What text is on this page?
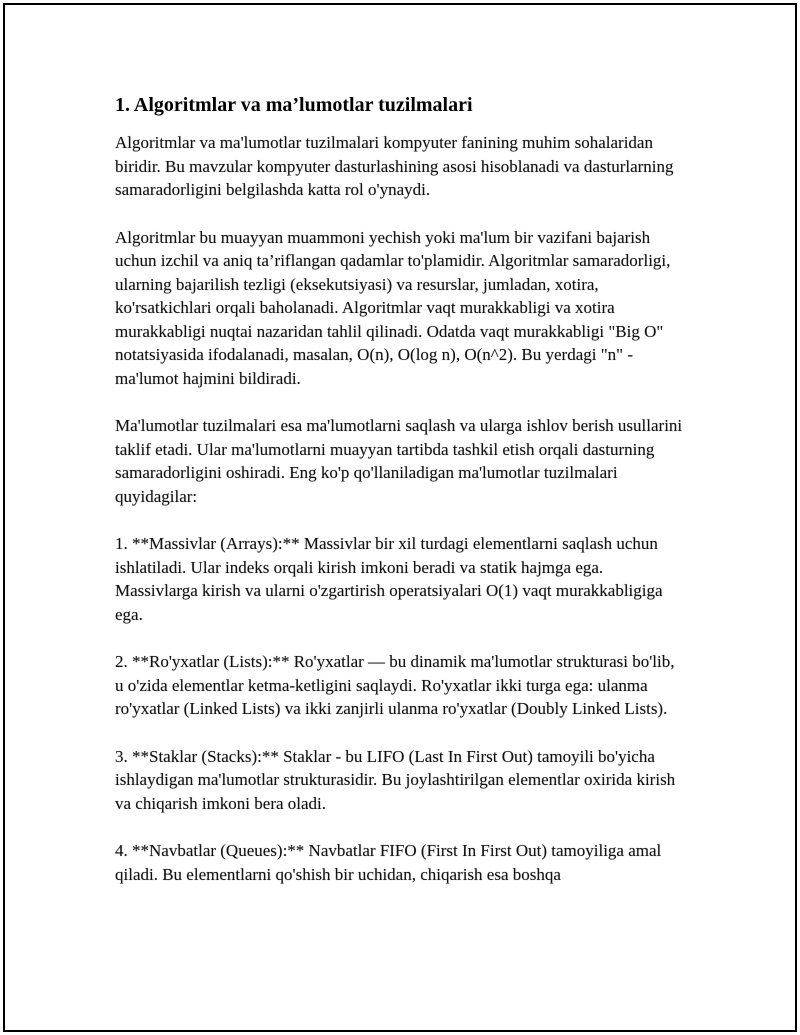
1. Algoritmlar va ma’lumotlar tuzilmalari

Algoritmlar va ma'lumotlar tuzilmalari kompyuter fanining muhim sohalaridan biridir. Bu mavzular kompyuter dasturlashining asosi hisoblanadi va dasturlarning samaradorligini belgilashda katta rol o'ynaydi.

Algoritmlar bu muayyan muammoni yechish yoki ma'lum bir vazifani bajarish uchun izchil va aniq ta’riflangan qadamlar to'plamidir. Algoritmlar samaradorligi, ularning bajarilish tezligi (eksekutsiyasi) va resurslar, jumladan, xotira, ko'rsatkichlari orqali baholanadi. Algoritmlar vaqt murakkabligi va xotira murakkabligi nuqtai nazaridan tahlil qilinadi. Odatda vaqt murakkabligi "Big O" notatsiyasida ifodalanadi, masalan, O(n), O(log n), O(n^2). Bu yerdagi "n" - ma'lumot hajmini bildiradi.

Ma'lumotlar tuzilmalari esa ma'lumotlarni saqlash va ularga ishlov berish usullarini taklif etadi. Ular ma'lumotlarni muayyan tartibda tashkil etish orqali dasturning samaradorligini oshiradi. Eng ko'p qo'llaniladigan ma'lumotlar tuzilmalari quyidagilar:

1. **Massivlar (Arrays):** Massivlar bir xil turdagi elementlarni saqlash uchun ishlatiladi. Ular indeks orqali kirish imkoni beradi va statik hajmga ega. Massivlarga kirish va ularni o'zgartirish operatsiyalari O(1) vaqt murakkabligiga ega.

2. **Ro'yxatlar (Lists):** Ro'yxatlar — bu dinamik ma'lumotlar strukturasi bo'lib, u o'zida elementlar ketma-ketligini saqlaydi. Ro'yxatlar ikki turga ega: ulanma ro'yxatlar (Linked Lists) va ikki zanjirli ulanma ro'yxatlar (Doubly Linked Lists).

3. **Staklar (Stacks):** Staklar - bu LIFO (Last In First Out) tamoyili bo'yicha ishlaydigan ma'lumotlar strukturasidir. Bu joylashtirilgan elementlar oxirida kirish va chiqarish imkoni bera oladi.

4. **Navbatlar (Queues):** Navbatlar FIFO (First In First Out) tamoyiliga amal qiladi. Bu elementlarni qo'shish bir uchidan, chiqarish esa boshqa
